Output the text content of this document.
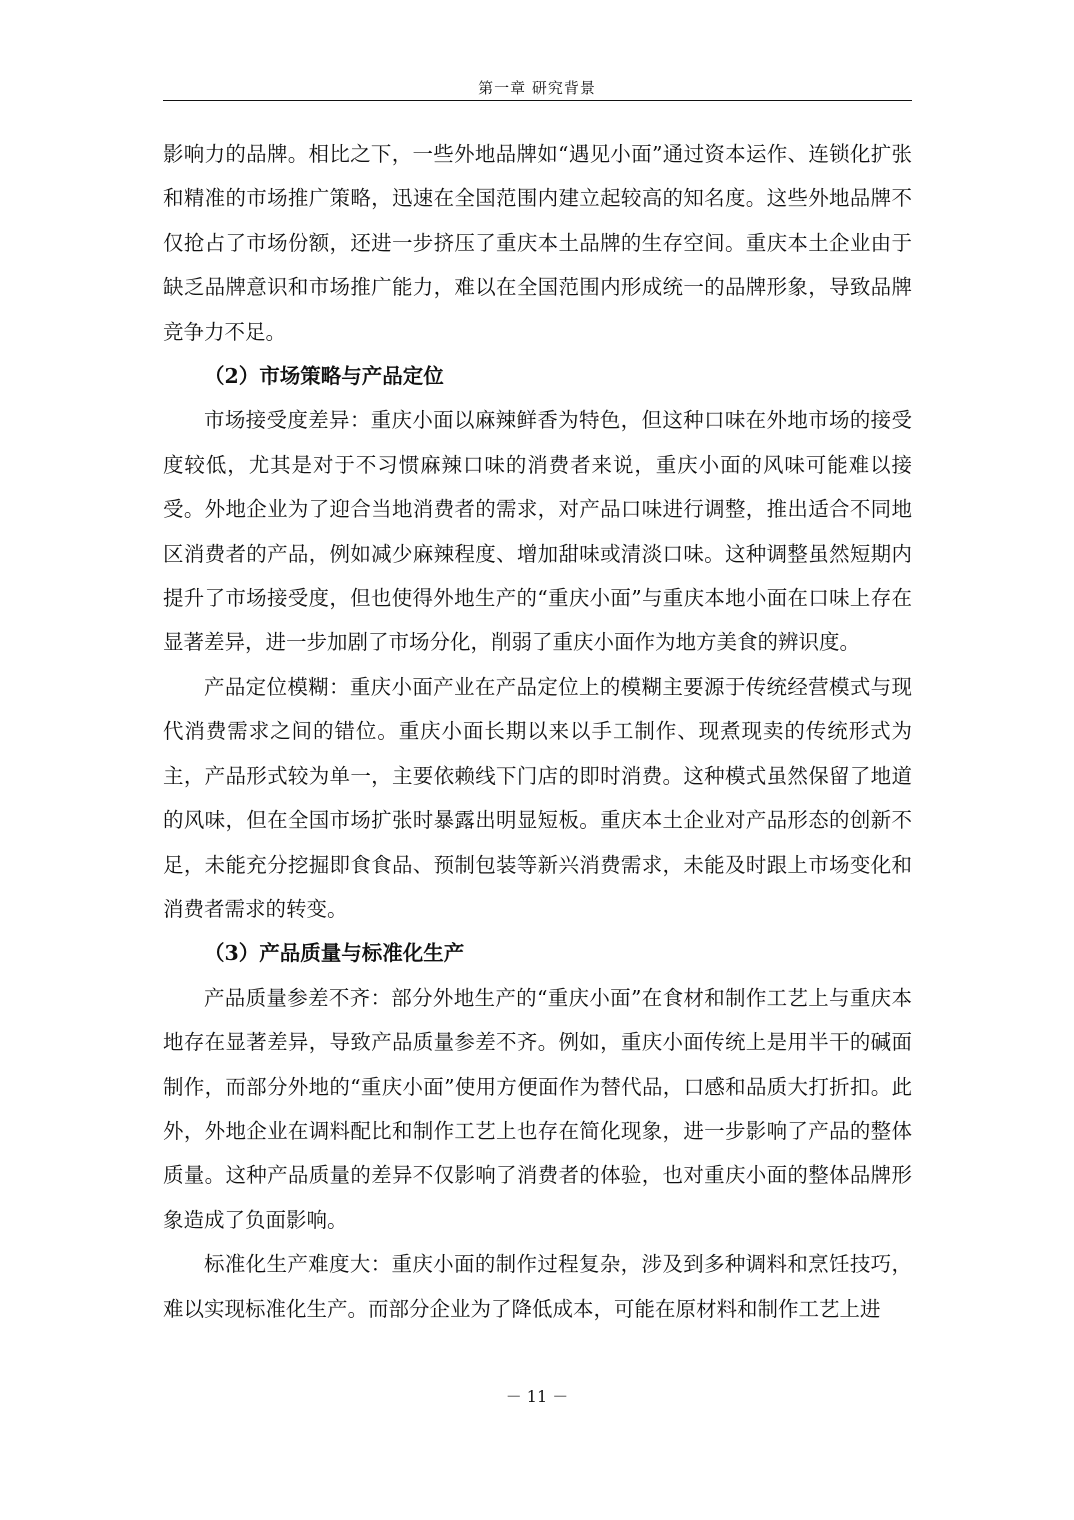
第一章 研究背景

影响力的品牌。相比之下，一些外地品牌如“遇见小面”通过资本运作、连锁化扩张和精准的市场推广策略，迅速在全国范围内建立起较高的知名度。这些外地品牌不仅抢占了市场份额，还进一步挤压了重庆本土品牌的生存空间。重庆本土企业由于缺乏品牌意识和市场推广能力，难以在全国范围内形成统一的品牌形象，导致品牌竞争力不足。

（2）市场策略与产品定位

市场接受度差异：重庆小面以麻辣鲜香为特色，但这种口味在外地市场的接受度较低，尤其是对于不习惯麻辣口味的消费者来说，重庆小面的风味可能难以接受。外地企业为了迎合当地消费者的需求，对产品口味进行调整，推出适合不同地区消费者的产品，例如减少麻辣程度、增加甜味或清淡口味。这种调整虽然短期内提升了市场接受度，但也使得外地生产的“重庆小面”与重庆本地小面在口味上存在显著差异，进一步加剧了市场分化，削弱了重庆小面作为地方美食的辨识度。

产品定位模糊：重庆小面产业在产品定位上的模糊主要源于传统经营模式与现代消费需求之间的错位。重庆小面长期以来以手工制作、现煮现卖的传统形式为主，产品形式较为单一，主要依赖线下门店的即时消费。这种模式虽然保留了地道的风味，但在全国市场扩张时暴露出明显短板。重庆本土企业对产品形态的创新不足，未能充分挖掘即食食品、预制包装等新兴消费需求，未能及时跟上市场变化和消费者需求的转变。

（3）产品质量与标准化生产

产品质量参差不齐：部分外地生产的“重庆小面”在食材和制作工艺上与重庆本地存在显著差异，导致产品质量参差不齐。例如，重庆小面传统上是用半干的碱面制作，而部分外地的“重庆小面”使用方便面作为替代品，口感和品质大打折扣。此外，外地企业在调料配比和制作工艺上也存在简化现象，进一步影响了产品的整体质量。这种产品质量的差异不仅影响了消费者的体验，也对重庆小面的整体品牌形象造成了负面影响。

标准化生产难度大：重庆小面的制作过程复杂，涉及到多种调料和烹饪技巧，难以实现标准化生产。而部分企业为了降低成本，可能在原材料和制作工艺上进

－ 11 －
